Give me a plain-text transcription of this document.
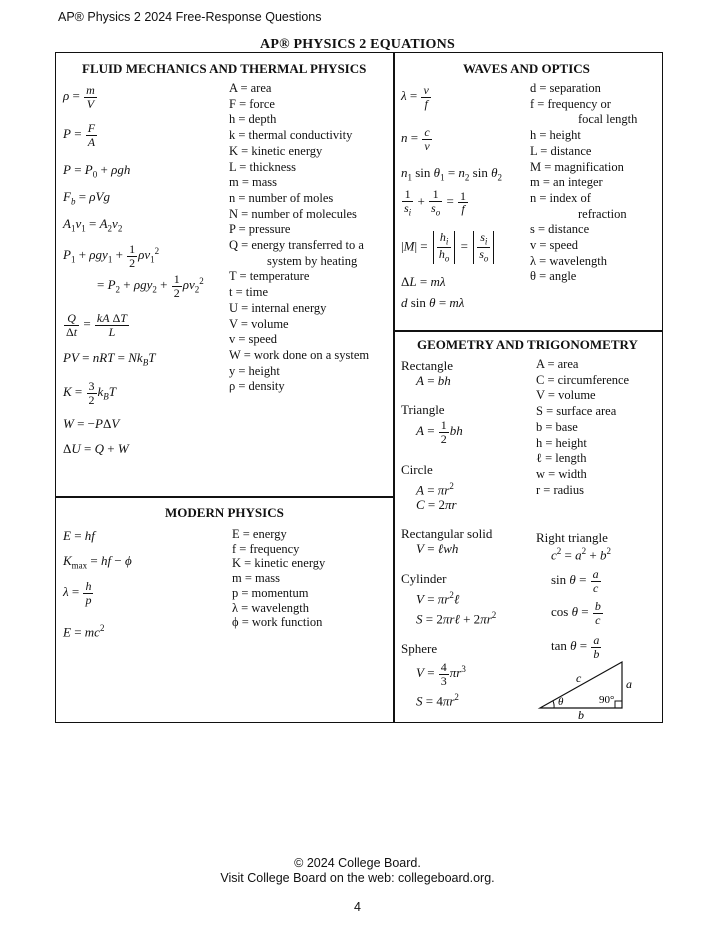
AP® Physics 2 2024 Free-Response Questions
AP® PHYSICS 2 EQUATIONS
FLUID MECHANICS AND THERMAL PHYSICS
$\rho = \frac{m}{V}$
$P = \frac{F}{A}$
$P = P_0 + \rho gh$
$F_b = \rho Vg$
$A_1v_1 = A_2v_2$
$P_1 + \rho gy_1 + \frac{1}{2} \rho v_1^2$
= $P_2 + \rho gy_2 + \frac{1}{2} \rho v_2^2$
$\frac{Q}{\Delta t} = \frac{\text{kA ΔT}}{L}$
PV = nRT = $Nk_BT$
$K = \frac{3}{2} k_BT$
W = −PΔV
ΔU = Q + W
A = area
F = force
h = depth
k = thermal conductivity
K = kinetic energy
L = thickness
m = mass
n = number of moles
N = number of molecules
P = pressure
Q = energy transferred to a
system by heating
T = temperature
t = time
U = internal energy
V = volume
v = speed
W = work done on a system
y = height
ρ = density
WAVES AND OPTICS
$\lambda = \frac{v}{f}$
$n = \frac{c}{v}$
$n_1$ $\sin \theta_1 = n_2$ $\sin \theta_2$
$\frac{1}{s_i} + \frac{1}{s_o} = \frac{1}{f}$
$|M| = \frac{h_i}{h_o} = \frac{s_i}{s_o}$
ΔL = mλ
d sin θ = mλ
d = separation
f = frequency or
focal length
h = height
L = distance
M = magnification
m = an integer
n = index of
refraction
s = distance
v = speed
λ = wavelength
θ = angle
GEOMETRY AND TRIGONOMETRY
Rectangle
A = bh
Triangle
$A = \frac{1}{2}$ bh
Circle
$A = \pi r^2$
C = 2πr
Rectangular solid
V = ℓwh
Cylinder
$V = \pi r^2\ell$
S = 2πrℓ + $2\pi r^2$
Sphere
$V = \frac{4}{3} \pi r^3$
$S = 4\pi r^2$
A = area
C = circumference
V = volume
S = surface area
b = base
h = height
ℓ = length
w = width
r = radius
Right triangle
$c^2 = a^2 + b^2$
$\sin \theta = \frac{a}{c}$
$\cos \theta = \frac{b}{c}$
$\tan \theta = \frac{a}{b}$
c	a
b
θ	90°
MODERN PHYSICS
E = hf
$K_{max}$ = hf − ϕ
$\lambda = \frac{h}{p}$
$E = mc^2$
E = energy
f = frequency
K = kinetic energy
m = mass
p = momentum
λ = wavelength
ϕ = work function
© 2024 College Board.
Visit College Board on the web: collegeboard.org.
4
